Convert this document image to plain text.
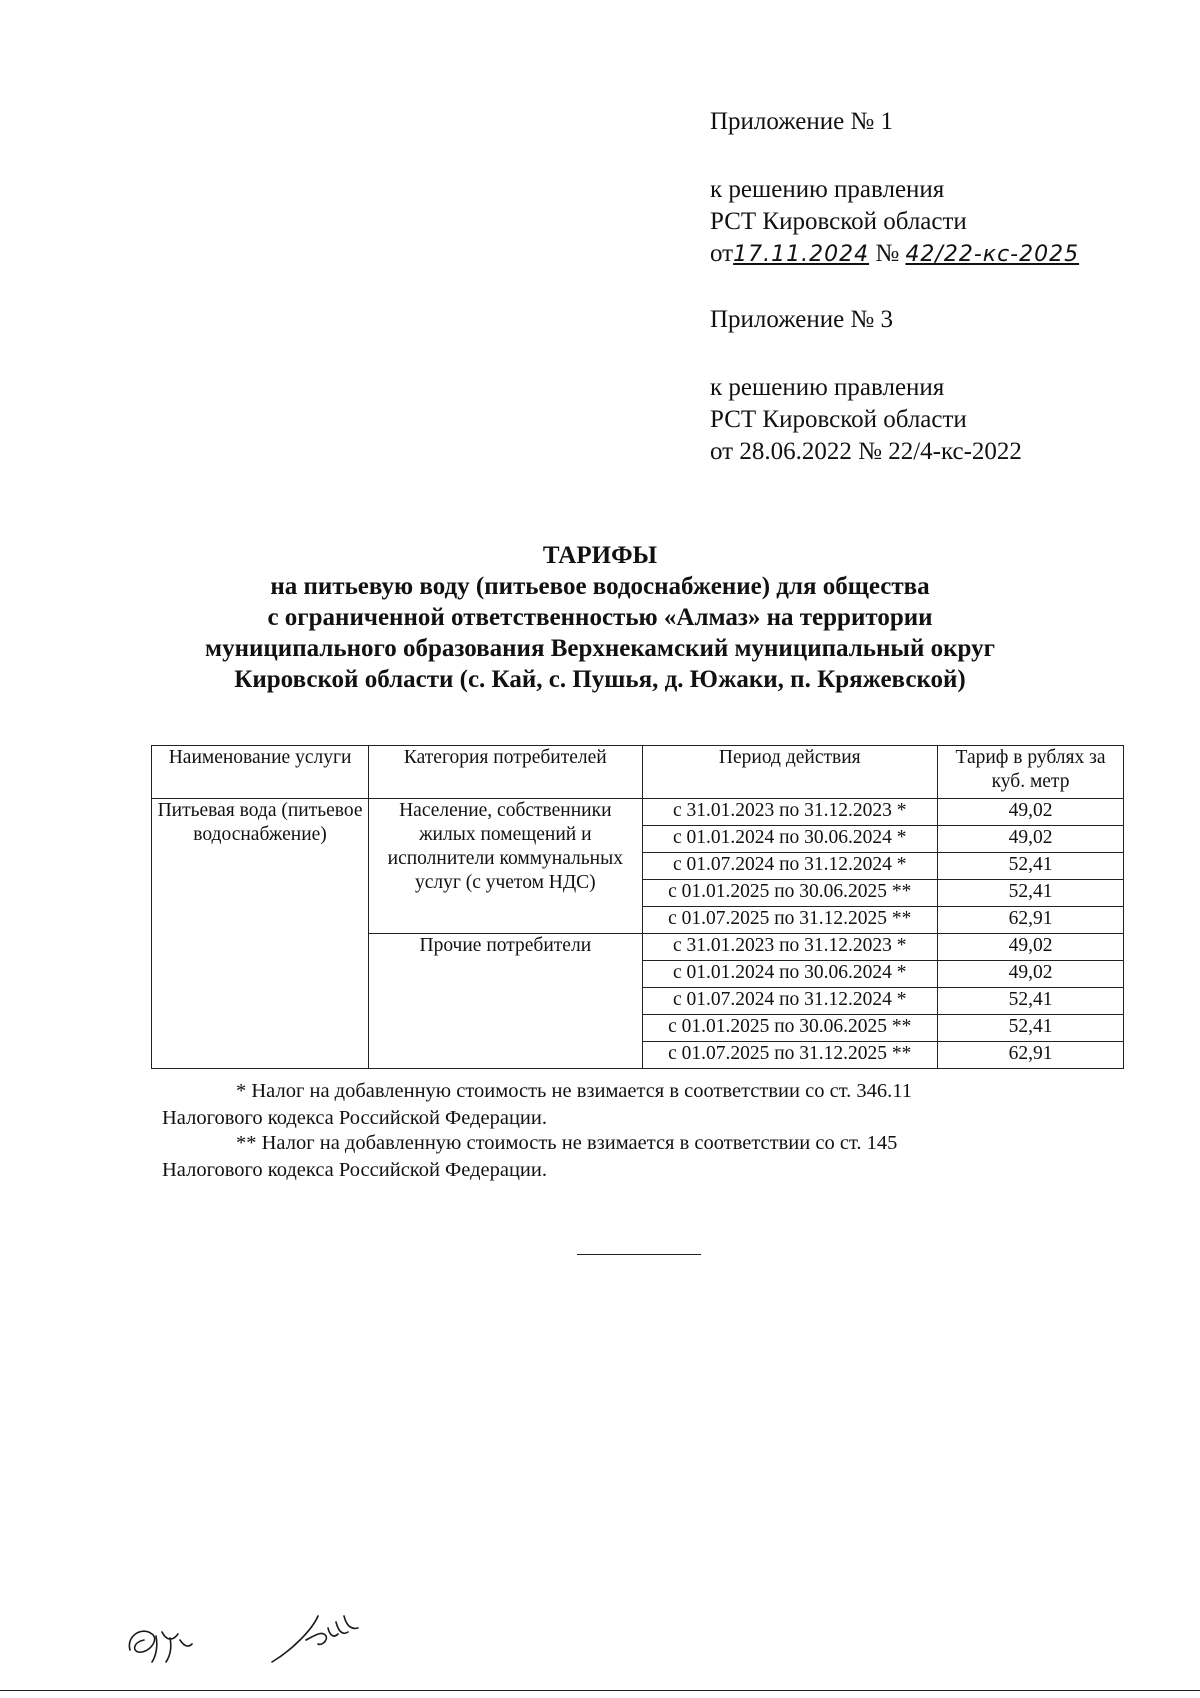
Приложение № 1

к решению правления

РСТ Кировской области

от17.11.2024 № 42/22-кс-2025

Приложение № 3

к решению правления

РСТ Кировской области

от 28.06.2022 № 22/4-кс-2022

ТАРИФЫ

на питьевую воду (питьевое водоснабжение) для общества

с ограниченной ответственностью «Алмаз» на территории

муниципального образования Верхнекамский муниципальный округ

Кировской области (с. Кай, с. Пушья, д. Южаки, п. Кряжевской)

Наименование услуги	Категория потребителей	Период действия	Тариф в рублях за куб. метр
Питьевая вода (питьевое водоснабжение)	Население, собственники жилых помещений и исполнители коммунальных услуг (с учетом НДС)	с 31.01.2023 по 31.12.2023 *	49,02
		с 01.01.2024 по 30.06.2024 *	49,02
		с 01.07.2024 по 31.12.2024 *	52,41
		с 01.01.2025 по 30.06.2025 **	52,41
		с 01.07.2025 по 31.12.2025 **	62,91
	Прочие потребители	с 31.01.2023 по 31.12.2023 *	49,02
		с 01.01.2024 по 30.06.2024 *	49,02
		с 01.07.2024 по 31.12.2024 *	52,41
		с 01.01.2025 по 30.06.2025 **	52,41
		с 01.07.2025 по 31.12.2025 **	62,91

* Налог на добавленную стоимость не взимается в соответствии со ст. 346.11

Налогового кодекса Российской Федерации.

** Налог на добавленную стоимость не взимается в соответствии со ст. 145

Налогового кодекса Российской Федерации.
